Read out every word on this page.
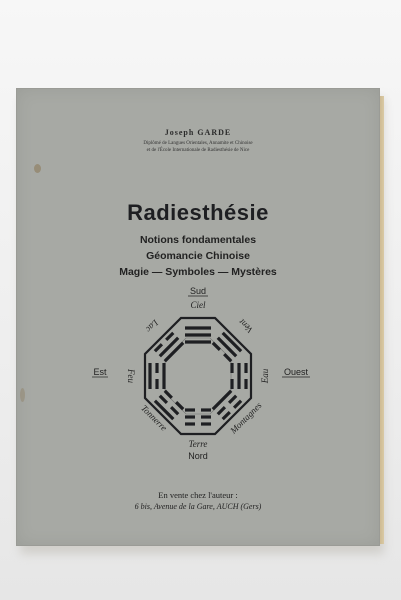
Joseph GARDE
Diplômé de Langues Orientales, Annamite et Chinoise
et de l'École Internationale de Radiesthésie de Nice
Radiesthésie
Notions fondamentales
Géomancie Chinoise
Magie — Symboles — Mystères
Sud
Ciel
Terre
Nord
Est	Ouest
Feu	Eau
Lac	Vent
Tonnerre	Montagnes
En vente chez l'auteur :
6 bis, Avenue de la Gare, AUCH (Gers)
